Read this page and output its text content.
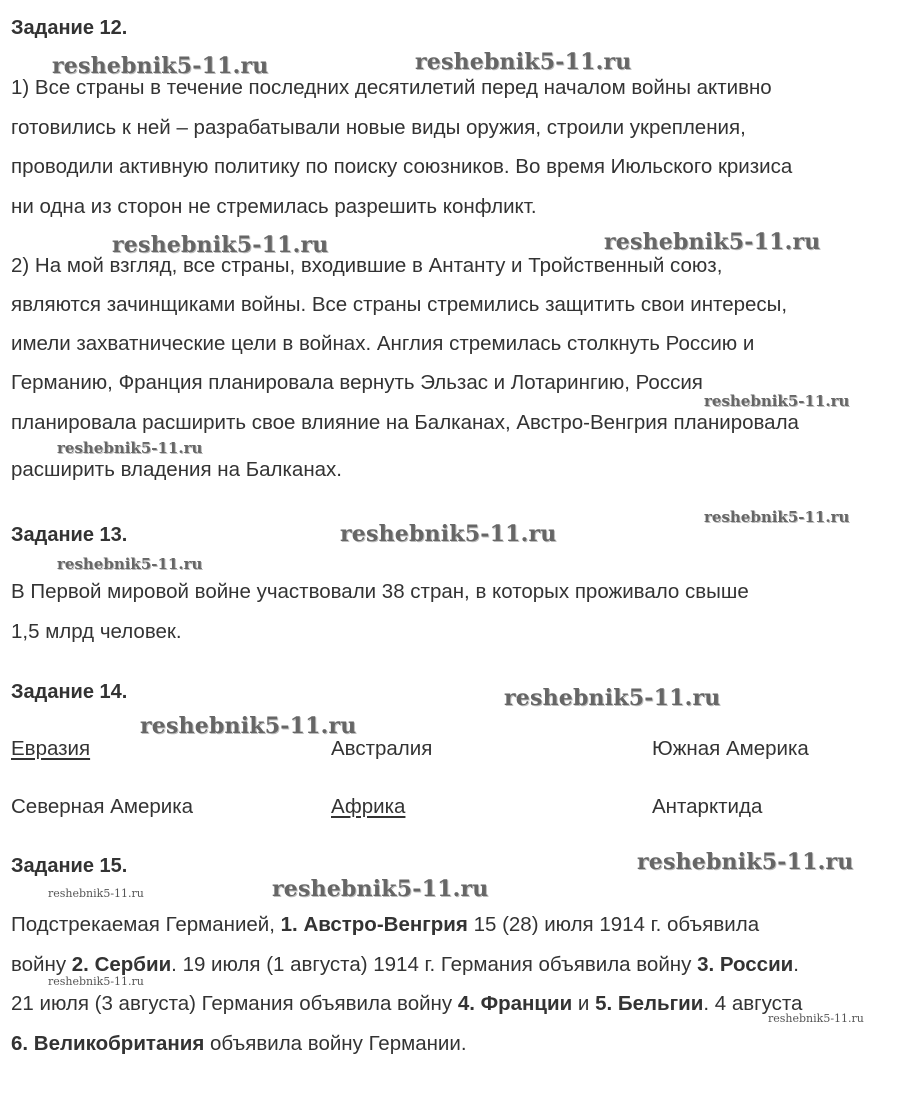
Задание 12.
1) Все страны в течение последних десятилетий перед началом войны активно
готовились к ней – разрабатывали новые виды оружия, строили укрепления,
проводили активную политику по поиску союзников. Во время Июльского кризиса
ни одна из сторон не стремилась разрешить конфликт.
2) На мой взгляд, все страны, входившие в Антанту и Тройственный союз,
являются зачинщиками войны. Все страны стремились защитить свои интересы,
имели захватнические цели в войнах. Англия стремилась столкнуть Россию и
Германию, Франция планировала вернуть Эльзас и Лотарингию, Россия
планировала расширить свое влияние на Балканах, Австро-Венгрия планировала
расширить владения на Балканах.
Задание 13.
В Первой мировой войне участвовали 38 стран, в которых проживало свыше
1,5 млрд человек.
Задание 14.
Евразия	Австралия	Южная Америка
Северная Америка	Африка	Антарктида
Задание 15.
Подстрекаемая Германией, 1. Австро-Венгрия 15 (28) июля 1914 г. объявила
войну 2. Сербии. 19 июля (1 августа) 1914 г. Германия объявила войну 3. России.
21 июля (3 августа) Германия объявила войну 4. Франции и 5. Бельгии. 4 августа
6. Великобритания объявила войну Германии.
reshebnik5-11.ru	reshebnik5-11.ru
reshebnik5-11.ru	reshebnik5-11.ru
reshebnik5-11.ru
reshebnik5-11.ru
reshebnik5-11.ru
reshebnik5-11.ru
reshebnik5-11.ru
reshebnik5-11.ru
reshebnik5-11.ru
reshebnik5-11.ru
reshebnik5-11.ru	reshebnik5-11.ru
reshebnik5-11.ru
reshebnik5-11.ru
